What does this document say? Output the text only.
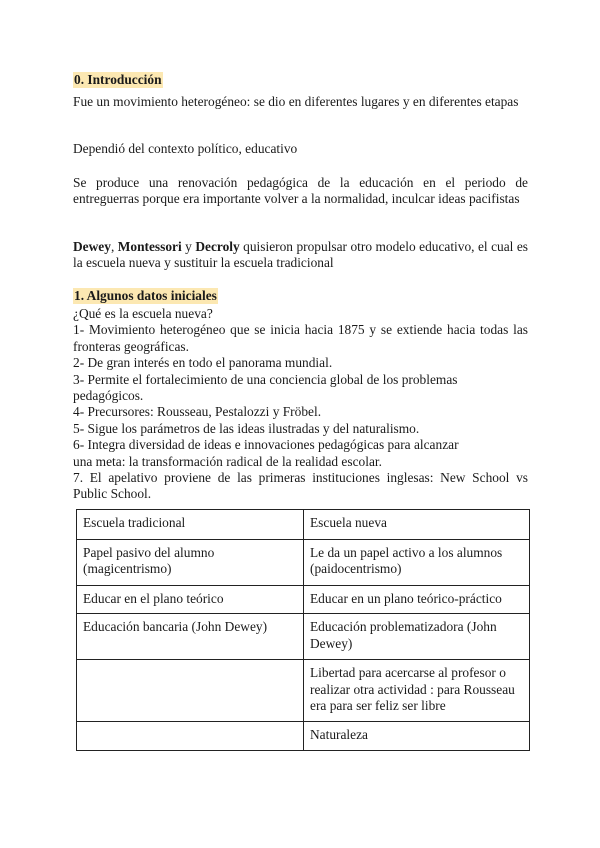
0. Introducción

Fue un movimiento heterogéneo: se dio en diferentes lugares y en diferentes etapas

Dependió del contexto político, educativo

Se produce una renovación pedagógica de la educación en el periodo de entreguerras porque era importante volver a la normalidad, inculcar ideas pacifistas

Dewey, Montessori y Decroly quisieron propulsar otro modelo educativo, el cual es la escuela nueva y sustituir la escuela tradicional

1. Algunos datos iniciales
¿Qué es la escuela nueva?
1- Movimiento heterogéneo que se inicia hacia 1875 y se extiende hacia todas las fronteras geográficas.
2- De gran interés en todo el panorama mundial.
3- Permite el fortalecimiento de una conciencia global de los problemas
pedagógicos.
4- Precursores: Rousseau, Pestalozzi y Fröbel.
5- Sigue los parámetros de las ideas ilustradas y del naturalismo.
6- Integra diversidad de ideas e innovaciones pedagógicas para alcanzar
una meta: la transformación radical de la realidad escolar.
7. El apelativo proviene de las primeras instituciones inglesas: New School vs Public School.
Escuela tradicional	Escuela nueva
Papel pasivo del alumno (magicentrismo)	Le da un papel activo a los alumnos (paidocentrismo)
Educar en el plano teórico	Educar en un plano teórico-práctico
Educación bancaria (John Dewey)	Educación problematizadora (John Dewey)
	Libertad para acercarse al profesor o realizar otra actividad : para Rousseau era para ser feliz ser libre
	Naturaleza
